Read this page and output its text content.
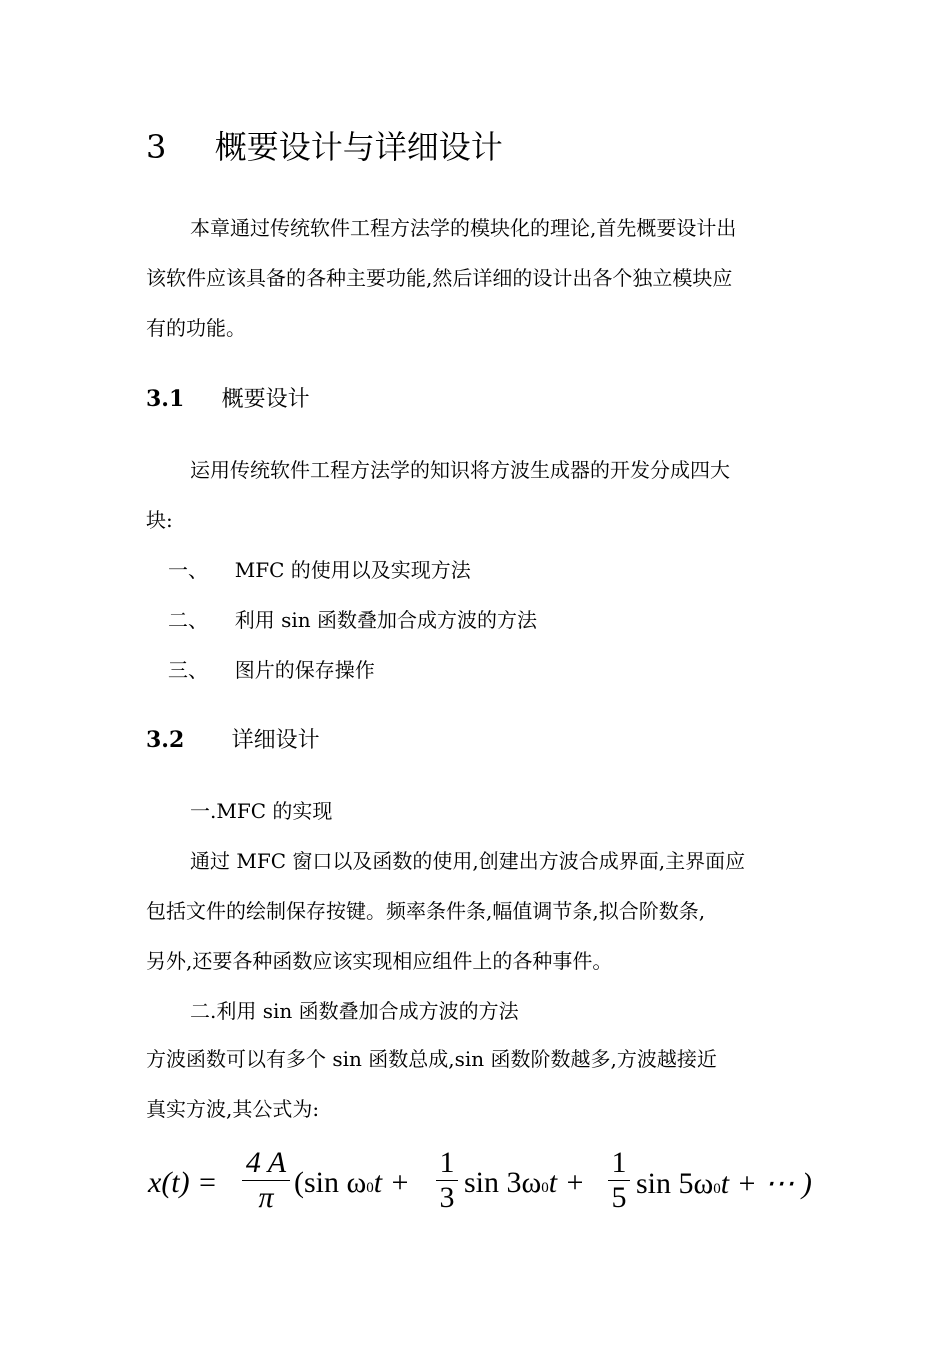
3 概要设计与详细设计
本章通过传统软件工程方法学的模块化的理论,首先概要设计出
该软件应该具备的各种主要功能,然后详细的设计出各个独立模块应
有的功能。
3.1 概要设计
运用传统软件工程方法学的知识将方波生成器的开发分成四大
块:
一、 MFC 的使用以及实现方法
二、 利用 sin 函数叠加合成方波的方法
三、 图片的保存操作
3.2 详细设计
一.MFC 的实现
通过 MFC 窗口以及函数的使用,创建出方波合成界面,主界面应
包括文件的绘制保存按键。频率条件条,幅值调节条,拟合阶数条,
另外,还要各种函数应该实现相应组件上的各种事件。
二.利用 sin 函数叠加合成方波的方法
方波函数可以有多个 sin 函数总成,sin 函数阶数越多,方波越接近
真实方波,其公式为:
x(t) =
4 A
π (sin ω0t +
1
3 sin 3ω0t +
1
5 sin 5ω0t + ⋯ )
